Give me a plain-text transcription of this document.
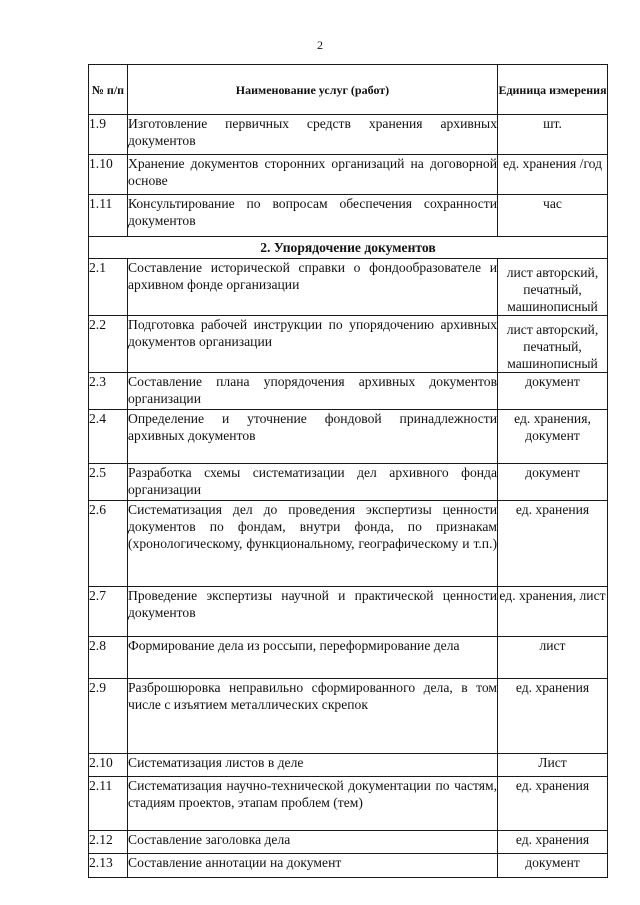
2
№ п/п	Наименование услуг (работ)	Единица измерения
1.9	Изготовление первичных средств хранения архивных документов	шт.
1.10	Хранение документов сторонних организаций на договорной основе	ед. хранения /год
1.11	Консультирование по вопросам обеспечения сохранности документов	час
2. Упорядочение документов		
2.1	Составление исторической справки о фондообразователе и архивном фонде организации	лист авторский, печатный, машинописный
2.2	Подготовка рабочей инструкции по упорядочению архивных документов организации	лист авторский, печатный, машинописный
2.3	Составление плана упорядочения архивных документов организации	документ
2.4	Определение и уточнение фондовой принадлежности архивных документов	ед. хранения, документ
2.5	Разработка схемы систематизации дел архивного фонда организации	документ
2.6	Систематизация дел до проведения экспертизы ценности документов по фондам, внутри фонда, по признакам (хронологическому, функциональному, географическому и т.п.)	ед. хранения
2.7	Проведение экспертизы научной и практической ценности документов	ед. хранения, лист
2.8	Формирование дела из россыпи, переформирование дела	лист
2.9	Разброшюровка неправильно сформированного дела, в том числе с изъятием металлических скрепок	ед. хранения
2.10	Систематизация листов в деле	Лист
2.11	Систематизация научно-технической документации по частям, стадиям проектов, этапам проблем (тем)	ед. хранения
2.12	Составление заголовка дела	ед. хранения
2.13	Составление аннотации на документ	документ
